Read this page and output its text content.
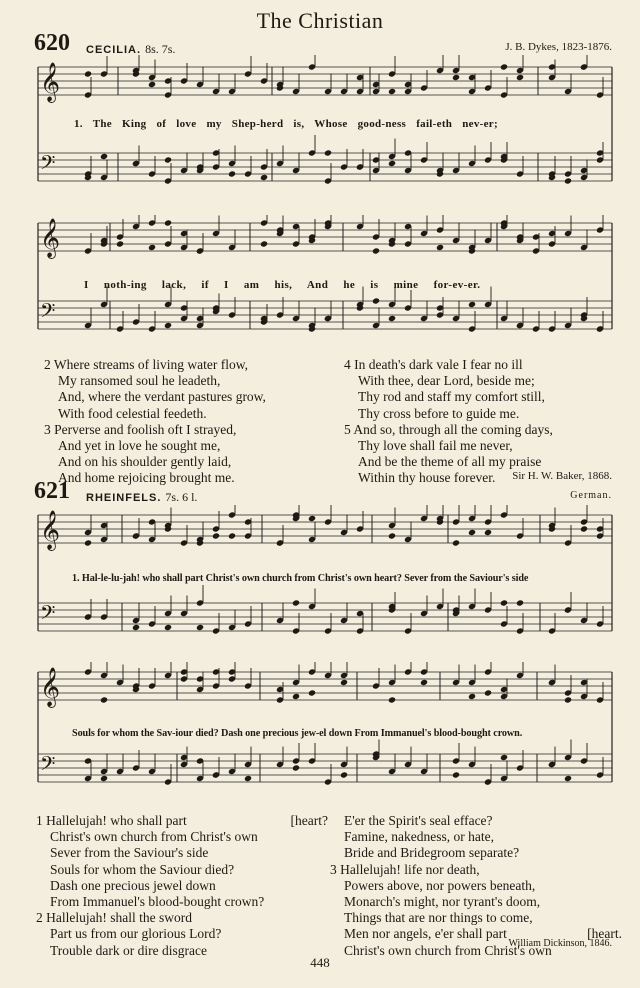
The Christian
620 CECILIA. 8s. 7s.	J. B. Dykes, 1823-1876.
𝄞
𝄢
1. The King of love my Shep-herd is, Whose good-ness fail-eth nev-er;
𝄞
𝄢
I noth-ing lack, if I am his, And he is mine for-ev-er.
2 Where streams of living water flow,
My ransomed soul he leadeth,
And, where the verdant pastures grow,
With food celestial feedeth.
3 Perverse and foolish oft I strayed,
And yet in love he sought me,
And on his shoulder gently laid,
And home rejoicing brought me.
4 In death's dark vale I fear no ill
With thee, dear Lord, beside me;
Thy rod and staff my comfort still,
Thy cross before to guide me.
5 And so, through all the coming days,
Thy love shall fail me never,
And be the theme of all my praise
Within thy house forever.	Sir H. W. Baker, 1868.
621 RHEINFELS. 7s. 6 l.	German.
𝄞
𝄢
1. Hal-le-lu-jah! who shall part Christ's own church from Christ's own heart? Sever from the Saviour's side
𝄞
𝄢
Souls for whom the Sav-iour died? Dash one precious jew-el down From Immanuel's blood-bought crown.
1 Hallelujah! who shall part	[heart?
Christ's own church from Christ's own
Sever from the Saviour's side
Souls for whom the Saviour died?
Dash one precious jewel down
From Immanuel's blood-bought crown?
2 Hallelujah! shall the sword
Part us from our glorious Lord?
Trouble dark or dire disgrace
E'er the Spirit's seal efface?
Famine, nakedness, or hate,
Bride and Bridegroom separate?
3 Hallelujah! life nor death,
Powers above, nor powers beneath,
Monarch's might, nor tyrant's doom,
Things that are nor things to come,
Men nor angels, e'er shall part	[heart.
Christ's own church from Christ's own
William Dickinson, 1846.
448
